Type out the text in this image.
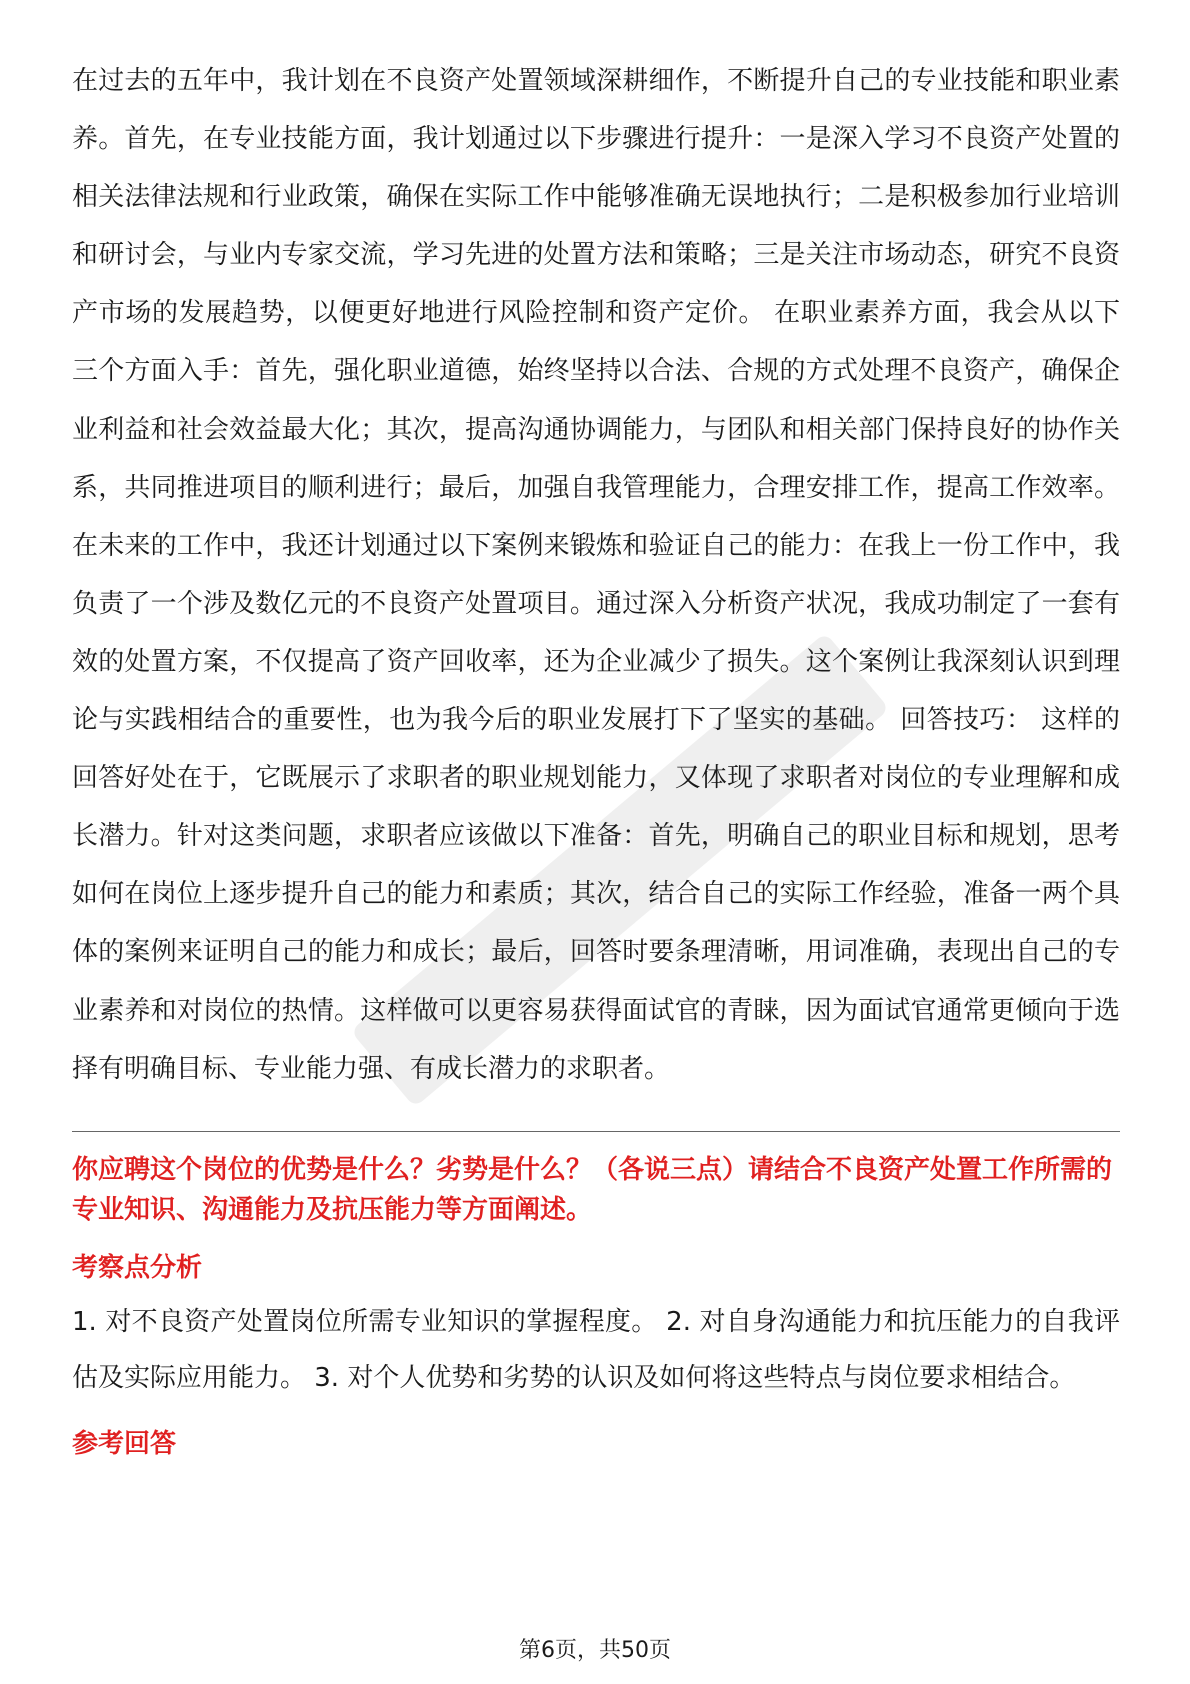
在过去的五年中，我计划在不良资产处置领域深耕细作，不断提升自己的专业技能和职业素养。首先，在专业技能方面，我计划通过以下步骤进行提升：一是深入学习不良资产处置的相关法律法规和行业政策，确保在实际工作中能够准确无误地执行；二是积极参加行业培训和研讨会，与业内专家交流，学习先进的处置方法和策略；三是关注市场动态，研究不良资产市场的发展趋势，以便更好地进行风险控制和资产定价。 在职业素养方面，我会从以下三个方面入手：首先，强化职业道德，始终坚持以合法、合规的方式处理不良资产，确保企业利益和社会效益最大化；其次，提高沟通协调能力，与团队和相关部门保持良好的协作关系，共同推进项目的顺利进行；最后，加强自我管理能力，合理安排工作，提高工作效率。 在未来的工作中，我还计划通过以下案例来锻炼和验证自己的能力：在我上一份工作中，我负责了一个涉及数亿元的不良资产处置项目。通过深入分析资产状况，我成功制定了一套有效的处置方案，不仅提高了资产回收率，还为企业减少了损失。这个案例让我深刻认识到理论与实践相结合的重要性，也为我今后的职业发展打下了坚实的基础。 回答技巧： 这样的回答好处在于，它既展示了求职者的职业规划能力，又体现了求职者对岗位的专业理解和成长潜力。针对这类问题，求职者应该做以下准备：首先，明确自己的职业目标和规划，思考如何在岗位上逐步提升自己的能力和素质；其次，结合自己的实际工作经验，准备一两个具体的案例来证明自己的能力和成长；最后，回答时要条理清晰，用词准确，表现出自己的专业素养和对岗位的热情。这样做可以更容易获得面试官的青睐，因为面试官通常更倾向于选择有明确目标、专业能力强、有成长潜力的求职者。

你应聘这个岗位的优势是什么？劣势是什么？（各说三点）请结合不良资产处置工作所需的专业知识、沟通能力及抗压能力等方面阐述。

考察点分析

1. 对不良资产处置岗位所需专业知识的掌握程度。 2. 对自身沟通能力和抗压能力的自我评估及实际应用能力。 3. 对个人优势和劣势的认识及如何将这些特点与岗位要求相结合。

参考回答

第6页，共50页
